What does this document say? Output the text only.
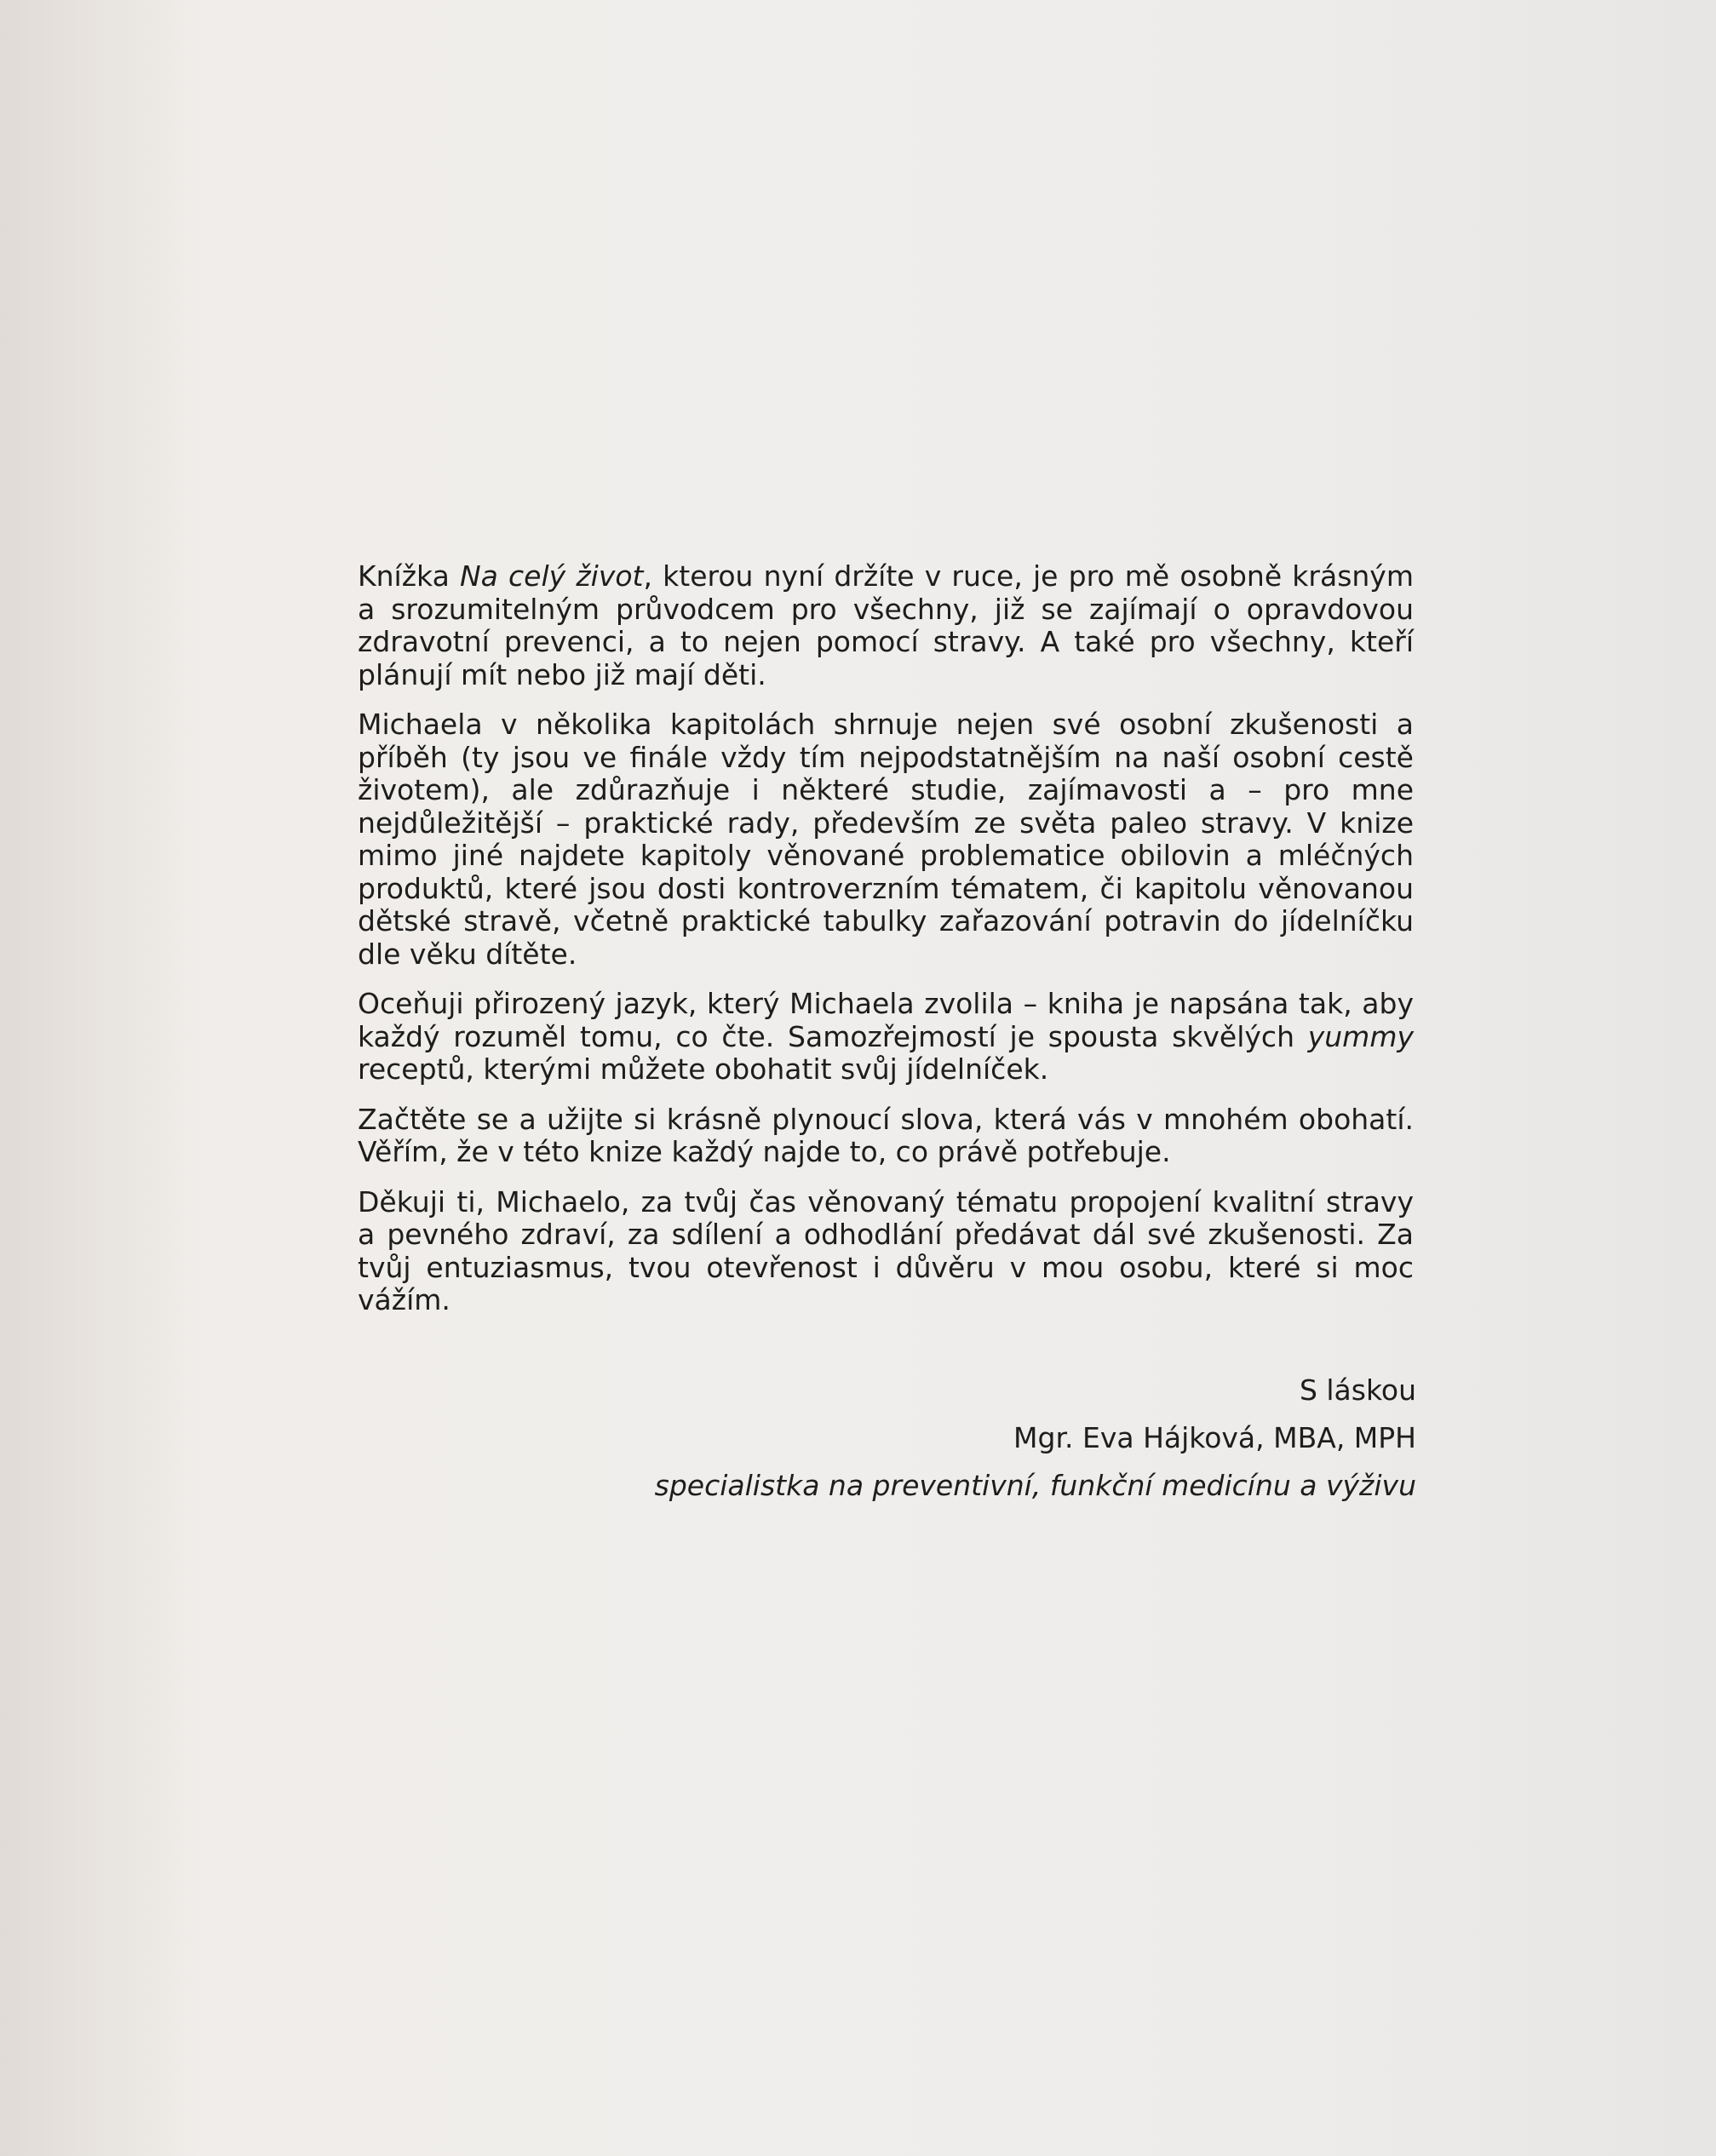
Knížka Na celý život, kterou nyní držíte v ruce, je pro mě osobně krásným a srozumitelným průvodcem pro všechny, již se zajímají o opravdovou zdravotní prevenci, a to nejen pomocí stravy. A také pro všechny, kteří plánují mít nebo již mají děti.

Michaela v několika kapitolách shrnuje nejen své osobní zkušenosti a příběh (ty jsou ve finále vždy tím nejpodstatnějším na naší osobní cestě životem), ale zdůrazňuje i některé studie, zajímavosti a – pro mne nejdůležitější – praktické rady, především ze světa paleo stravy. V knize mimo jiné najdete kapitoly věnované problematice obilovin a mléčných produktů, které jsou dosti kontroverzním tématem, či kapitolu věnovanou dětské stravě, včetně praktické tabulky zařazování potravin do jídelníčku dle věku dítěte.

Oceňuji přirozený jazyk, který Michaela zvolila – kniha je napsána tak, aby každý rozuměl tomu, co čte. Samozřejmostí je spousta skvělých yummy receptů, kterými můžete obohatit svůj jídelníček.

Začtěte se a užijte si krásně plynoucí slova, která vás v mnohém obohatí. Věřím, že v této knize každý najde to, co právě potřebuje.

Děkuji ti, Michaelo, za tvůj čas věnovaný tématu propojení kvalitní stravy a pevného zdraví, za sdílení a odhodlání předávat dál své zkušenosti. Za tvůj entuziasmus, tvou otevřenost i důvěru v mou osobu, které si moc vážím.

S láskou
Mgr. Eva Hájková, MBA, MPH
specialistka na preventivní, funkční medicínu a výživu
